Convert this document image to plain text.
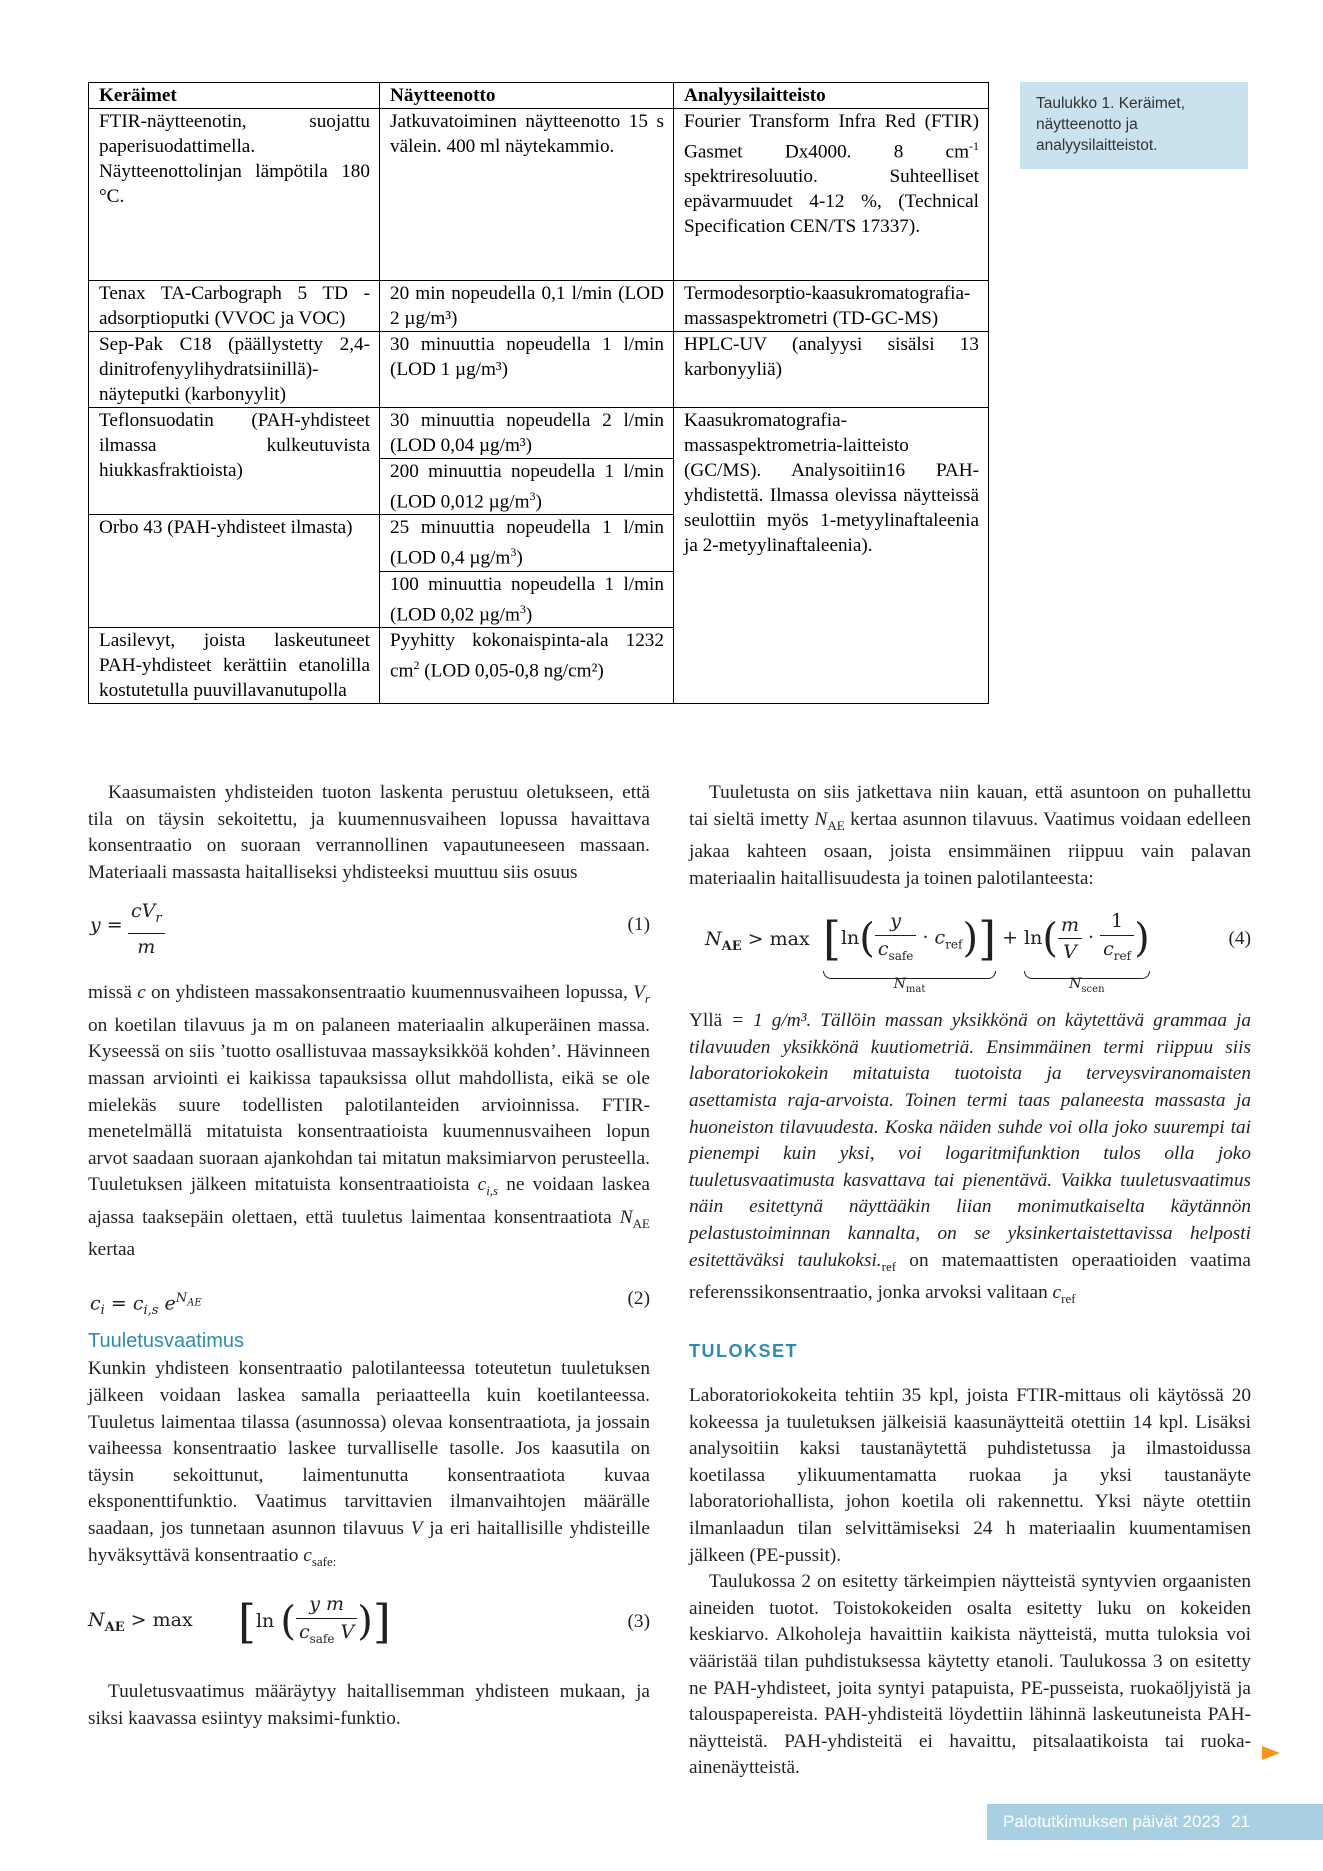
Keräimet	Näytteenotto	Analyysilaitteisto
FTIR-näytteenotin, suojattu paperisuodattimella. Näytteenottolinjan lämpötila 180 °C.	Jatkuvatoiminen näytteenotto 15 s välein. 400 ml näytekammio.	Fourier Transform Infra Red (FTIR) Gasmet Dx4000. 8 $cm^{-1}$ spektriresoluutio. Suhteelliset epävarmuudet 4-12 %, (Technical Specification CEN/TS 17337).
Tenax TA-Carbograph 5 TD -adsorptioputki (VVOC ja VOC)	20 min nopeudella 0,1 l/min (LOD 2 µg/m³)	Termodesorptio-kaasukromatografia-massaspektrometri (TD-GC-MS)
Sep-Pak C18 (päällystetty 2,4-dinitrofenyylihydratsiinillä)-näyteputki (karbonyylit)	30 minuuttia nopeudella 1 l/min (LOD 1 µg/m³)	HPLC-UV (analyysi sisälsi 13 karbonyyliä)
Teflonsuodatin (PAH-yhdisteet ilmassa kulkeutuvista hiukkasfraktioista)	30 minuuttia nopeudella 2 l/min (LOD 0,04 µg/m³)	Kaasukromatografia-massaspektrometria-laitteisto (GC/MS). Analysoitiin16 PAH-yhdistettä. Ilmassa olevissa näytteissä seulottiin myös 1-metyylinaftaleenia ja 2-metyylinaftaleenia).
	200 minuuttia nopeudella 1 l/min (LOD 0,012 $\mu g/m^3$)	
Orbo 43 (PAH-yhdisteet ilmasta)	25 minuuttia nopeudella 1 l/min (LOD 0,4 $\mu g/m^3$)	
	100 minuuttia nopeudella 1 l/min (LOD 0,02 $\mu g/m^3$)	
Lasilevyt, joista laskeutuneet PAH-yhdisteet kerättiin etanolilla kostutetulla puuvillavanutupolla	Pyyhitty kokonaispinta-ala 1232 $cm^2$ (LOD 0,05-0,8 ng/cm²)	
Taulukko 1. Keräimet, näytteenotto ja analyysilaitteistot.

Kaasumaisten yhdisteiden tuoton laskenta perustuu oletukseen, että tila on täysin sekoitettu, ja kuumennusvaiheen lopussa havaittava konsentraatio on suoraan verrannollinen vapautuneeseen massaan. Materiaali massasta haitalliseksi yhdisteeksi muuttuu siis osuus

y =
$cV_r$
m
(1)

missä c on yhdisteen massakonsentraatio kuumennusvaiheen lopussa, $V_r$ on koetilan tilavuus ja m on palaneen materiaalin alkuperäinen massa. Kyseessä on siis ’tuotto osallistuvaa massayksikköä kohden’. Hävinneen massan arviointi ei kaikissa tapauksissa ollut mahdollista, eikä se ole mielekäs suure todellisten palotilanteiden arvioinnissa. FTIR-menetelmällä mitatuista konsentraatioista kuumennusvaiheen lopun arvot saadaan suoraan ajankohdan tai mitatun maksimiarvon perusteella. Tuuletuksen jälkeen mitatuista konsentraatioista $c_{i,s}$ ne voidaan laskea ajassa taaksepäin olettaen, että tuuletus laimentaa konsentraatiota $N_{AE}$ kertaa

$c_i = c_{i,s}$ $e^{N_{AE}}$	(2)
Tuuletusvaatimus

Kunkin yhdisteen konsentraatio palotilanteessa toteutetun tuuletuksen jälkeen voidaan laskea samalla periaatteella kuin koetilanteessa. Tuuletus laimentaa tilassa (asunnossa) olevaa konsentraatiota, ja jossain vaiheessa konsentraatio laskee turvalliselle tasolle. Jos kaasutila on täysin sekoittunut, laimentunutta konsentraatiota kuvaa eksponenttifunktio. Vaatimus tarvittavien ilmanvaihtojen määrälle saadaan, jos tunnetaan asunnon tilavuus V ja eri haitallisille yhdisteille hyväksyttävä konsentraatio $c_{safe:}$

$N_{AE} > \max [\ln$ ( $\frac{\text{y m}}{c_{safe} V}$ )]	(3)

Tuuletusvaatimus määräytyy haitallisemman yhdisteen mukaan, ja siksi kaavassa esiintyy maksimi-funktio.

Tuuletusta on siis jatkettava niin kauan, että asuntoon on puhallettu tai sieltä imetty $N_{AE}$ kertaa asunnon tilavuus. Vaatimus voidaan edelleen jakaa kahteen osaan, joista ensimmäinen riippuu vain palavan materiaalin haitallisuudesta ja toinen palotilanteesta:

$N_{AE} > \max [\ln( \frac{y}{c_{safe}} \cdot c_{ref})]$
$N_{mat}$
+ $\ln( \frac{m}{V} \cdot \frac{1}{c_{ref}}$ )
$N_{scen}$
(4)

Yllä = 1 g/m³. Tällöin massan yksikkönä on käytettävä grammaa ja tilavuuden yksikkönä kuutiometriä. Ensimmäinen termi riippuu siis laboratoriokokein mitatuista tuotoista ja terveysviranomaisten asettamista raja-arvoista. Toinen termi taas palaneesta massasta ja huoneiston tilavuudesta. Koska näiden suhde voi olla joko suurempi tai pienempi kuin yksi, voi logaritmifunktion tulos olla joko tuuletusvaatimusta kasvattava tai pienentävä. Vaikka tuuletusvaatimus näin esitettynä näyttääkin liian monimutkaiselta käytännön pelastustoiminnan kannalta, on se yksinkertaistettavissa helposti esitettäväksi $taulukoksi._{ref}$ on matemaattisten operaatioiden vaatima referenssikonsentraatio, jonka arvoksi valitaan $c_{ref}$

TULOKSET

Laboratoriokokeita tehtiin 35 kpl, joista FTIR-mittaus oli käytössä 20 kokeessa ja tuuletuksen jälkeisiä kaasunäytteitä otettiin 14 kpl. Lisäksi analysoitiin kaksi taustanäytettä puhdistetussa ja ilmastoidussa koetilassa ylikuumentamatta ruokaa ja yksi taustanäyte laboratoriohallista, johon koetila oli rakennettu. Yksi näyte otettiin ilmanlaadun tilan selvittämiseksi 24 h materiaalin kuumentamisen jälkeen (PE-pussit).

Taulukossa 2 on esitetty tärkeimpien näytteistä syntyvien orgaanisten aineiden tuotot. Toistokokeiden osalta esitetty luku on kokeiden keskiarvo. Alkoholeja havaittiin kaikista näytteistä, mutta tuloksia voi vääristää tilan puhdistuksessa käytetty etanoli. Taulukossa 3 on esitetty ne PAH-yhdisteet, joita syntyi patapuista, PE-pusseista, ruokaöljyistä ja talouspapereista. PAH-yhdisteitä löydettiin lähinnä laskeutuneista PAH-näytteistä. PAH-yhdisteitä ei havaittu, pitsalaatikoista tai ruoka-ainenäytteistä.

Palotutkimuksen päivät 2023 21
